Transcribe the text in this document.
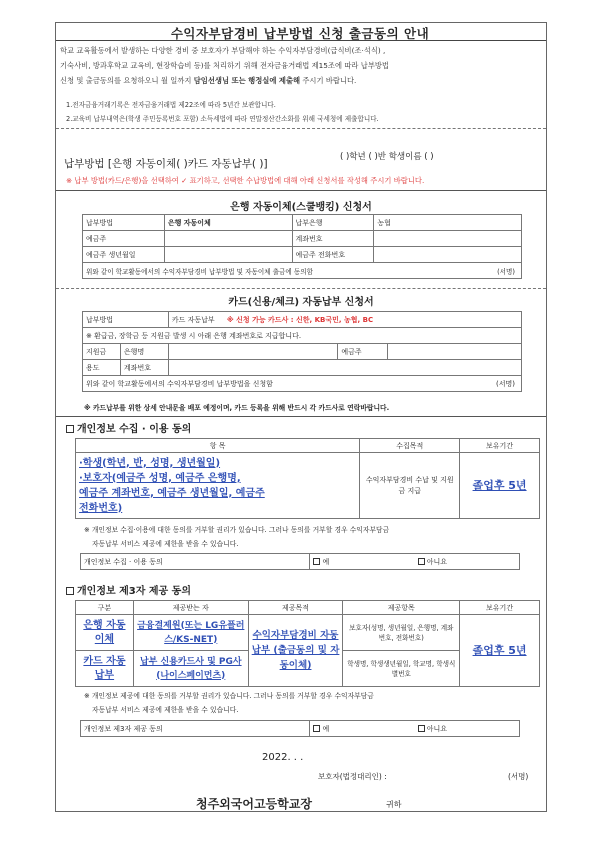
수익자부담경비 납부방법 신청 출금동의 안내
학교 교육활동에서 발생하는 다양한 경비 중 보호자가 부담해야 하는 수익자부담경비(급식비(조·석식) ,
기숙사비, 방과후학교 교육비, 현장학습비 등)를 처리하기 위해 전자금융거래법 제15조에 따라 납부방법
신청 및 출금동의를 요청하오니 월 일까지 담임선생님 또는 행정실에 제출해 주시기 바랍니다.
1.전자금융거래기록은 전자금융거래법 제22조에 따라 5년간 보관합니다.
2.교육비 납부내역은(학생 주민등록번호 포함) 소득세법에 따라 연말정산간소화를 위해 국세청에 제출합니다.
납부방법 [은행 자동이체( )카드 자동납부( )]
( )학년 ( )반 학생이름 ( )
※ 납부 방법(카드/은행)을 선택하여 ✓ 표기하고, 선택한 수납방법에 대해 아래 신청서를 작성해 주시기 바랍니다.
은행 자동이체(스쿨뱅킹) 신청서
납부방법	은행 자동이체	납부은행	농협
예금주		계좌번호	
예금주 생년월일		예금주 전화번호	
위와 같이 학교활동에서의 수익자부담경비 납부방법 및 자동이체 출금에 동의함 (서명)			
카드(신용/체크) 자동납부 신청서
납부방법		카드 자동납부 ※ 신청 가능 카드사 : 신한, KB국민, 농협, BC		
※ 환급금, 장학금 등 지원금 발생 시 아래 은행 계좌번호로 지급합니다.				
지원금	은행명		예금주	
용도	계좌번호			
위와 같이 학교활동에서의 수익자부담경비 납부방법을 신청함 (서명)				
※ 카드납부를 위한 상세 안내문을 배포 예정이며, 카드 등록을 위해 반드시 각 카드사로 연락바랍니다.
개인정보 수집 · 이용 동의
항 목	수집목적	보유기간

·학생(학년, 반, 성명, 생년월일)
·보호자(예금주 성명, 예금주 은행명,
예금주 계좌번호, 예금주 생년월일, 예금주
전화번호)	수익자부담경비 수납 및 지원금 지급	졸업후 5년
※ 개인정보 수집·이용에 대한 동의를 거부할 권리가 있습니다. 그러나 동의를 거부할 경우 수익자부담금
자동납부 서비스 제공에 제한을 받을 수 있습니다.
개인정보 수집 · 이용 동의	예	아니요
개인정보 제3자 제공 동의
구분	제공받는 자	제공목적	제공항목	보유기간
은행 자동이체	금융결제원(또는 LG유플러스/KS-NET)	수익자부담경비 자동납부 (출금동의 및 자동이체)	보호자(성명, 생년월일, 은행명, 계좌번호, 전화번호)	졸업후 5년
카드 자동납부	납부 신용카드사 및 PG사(나이스페이먼츠)		학생명, 학생생년월일, 학교명, 학생식별번호	
※ 개인정보 제공에 대한 동의를 거부할 권리가 있습니다. 그러나 동의를 거부할 경우 수익자부담금
자동납부 서비스 제공에 제한을 받을 수 있습니다.
개인정보 제3자 제공 동의	예	아니요
2022. . .
보호자(법정대리인) :	(서명)
청주외국어고등학교장	귀하
